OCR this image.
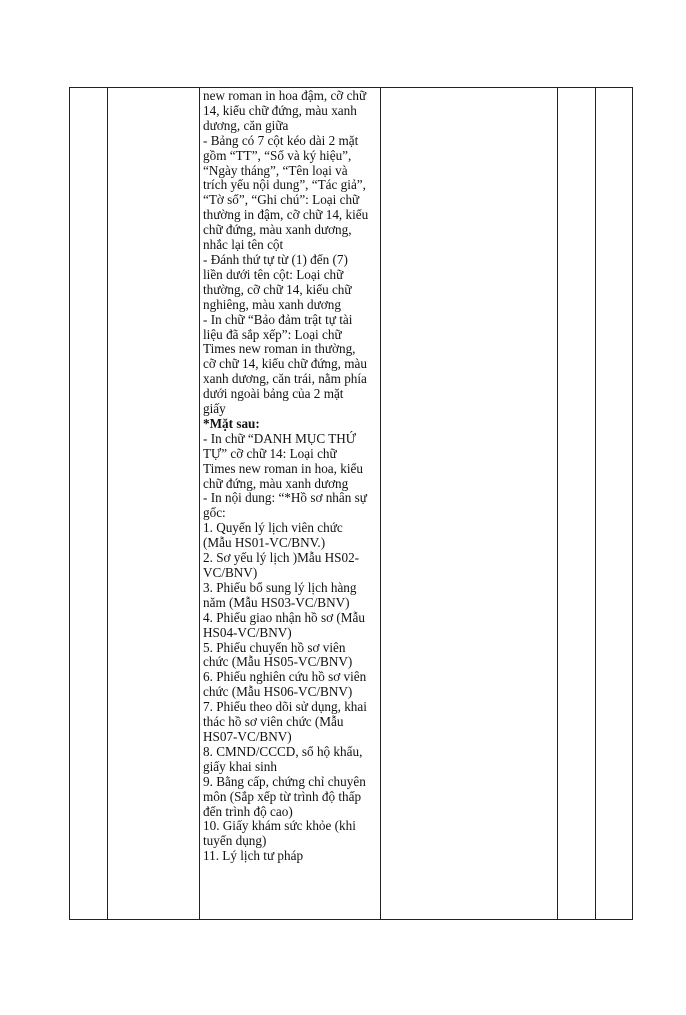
new roman in hoa đậm, cỡ chữ
14, kiểu chữ đứng, màu xanh
dương, căn giữa
- Bảng có 7 cột kéo dài 2 mặt
gồm “TT”, “Số và ký hiệu”,
“Ngày tháng”, “Tên loại và
trích yếu nội dung”, “Tác giả”,
“Tờ số”, “Ghi chú”: Loại chữ
thường in đậm, cỡ chữ 14, kiểu
chữ đứng, màu xanh dương,
nhắc lại tên cột
- Đánh thứ tự từ (1) đến (7)
liền dưới tên cột: Loại chữ
thường, cỡ chữ 14, kiểu chữ
nghiêng, màu xanh dương
- In chữ “Bảo đảm trật tự tài
liệu đã sắp xếp”: Loại chữ
Times new roman in thường,
cỡ chữ 14, kiểu chữ đứng, màu
xanh dương, căn trái, nằm phía
dưới ngoài bảng của 2 mặt
giấy
*Mặt sau:
- In chữ “DANH MỤC THỨ
TỰ” cỡ chữ 14: Loại chữ
Times new roman in hoa, kiểu
chữ đứng, màu xanh dương
- In nội dung: “*Hồ sơ nhân sự
gốc:
1. Quyển lý lịch viên chức
(Mẫu HS01-VC/BNV.)
2. Sơ yếu lý lịch )Mẫu HS02-
VC/BNV)
3. Phiếu bổ sung lý lịch hàng
năm (Mẫu HS03-VC/BNV)
4. Phiếu giao nhận hồ sơ (Mẫu
HS04-VC/BNV)
5. Phiếu chuyển hồ sơ viên
chức (Mẫu HS05-VC/BNV)
6. Phiếu nghiên cứu hồ sơ viên
chức (Mẫu HS06-VC/BNV)
7. Phiếu theo dõi sử dụng, khai
thác hồ sơ viên chức (Mẫu
HS07-VC/BNV)
8. CMND/CCCD, sổ hộ khẩu,
giấy khai sinh
9. Bằng cấp, chứng chỉ chuyên
môn (Sắp xếp từ trình độ thấp
đến trình độ cao)
10. Giấy khám sức khỏe (khi
tuyển dụng)
11. Lý lịch tư pháp
